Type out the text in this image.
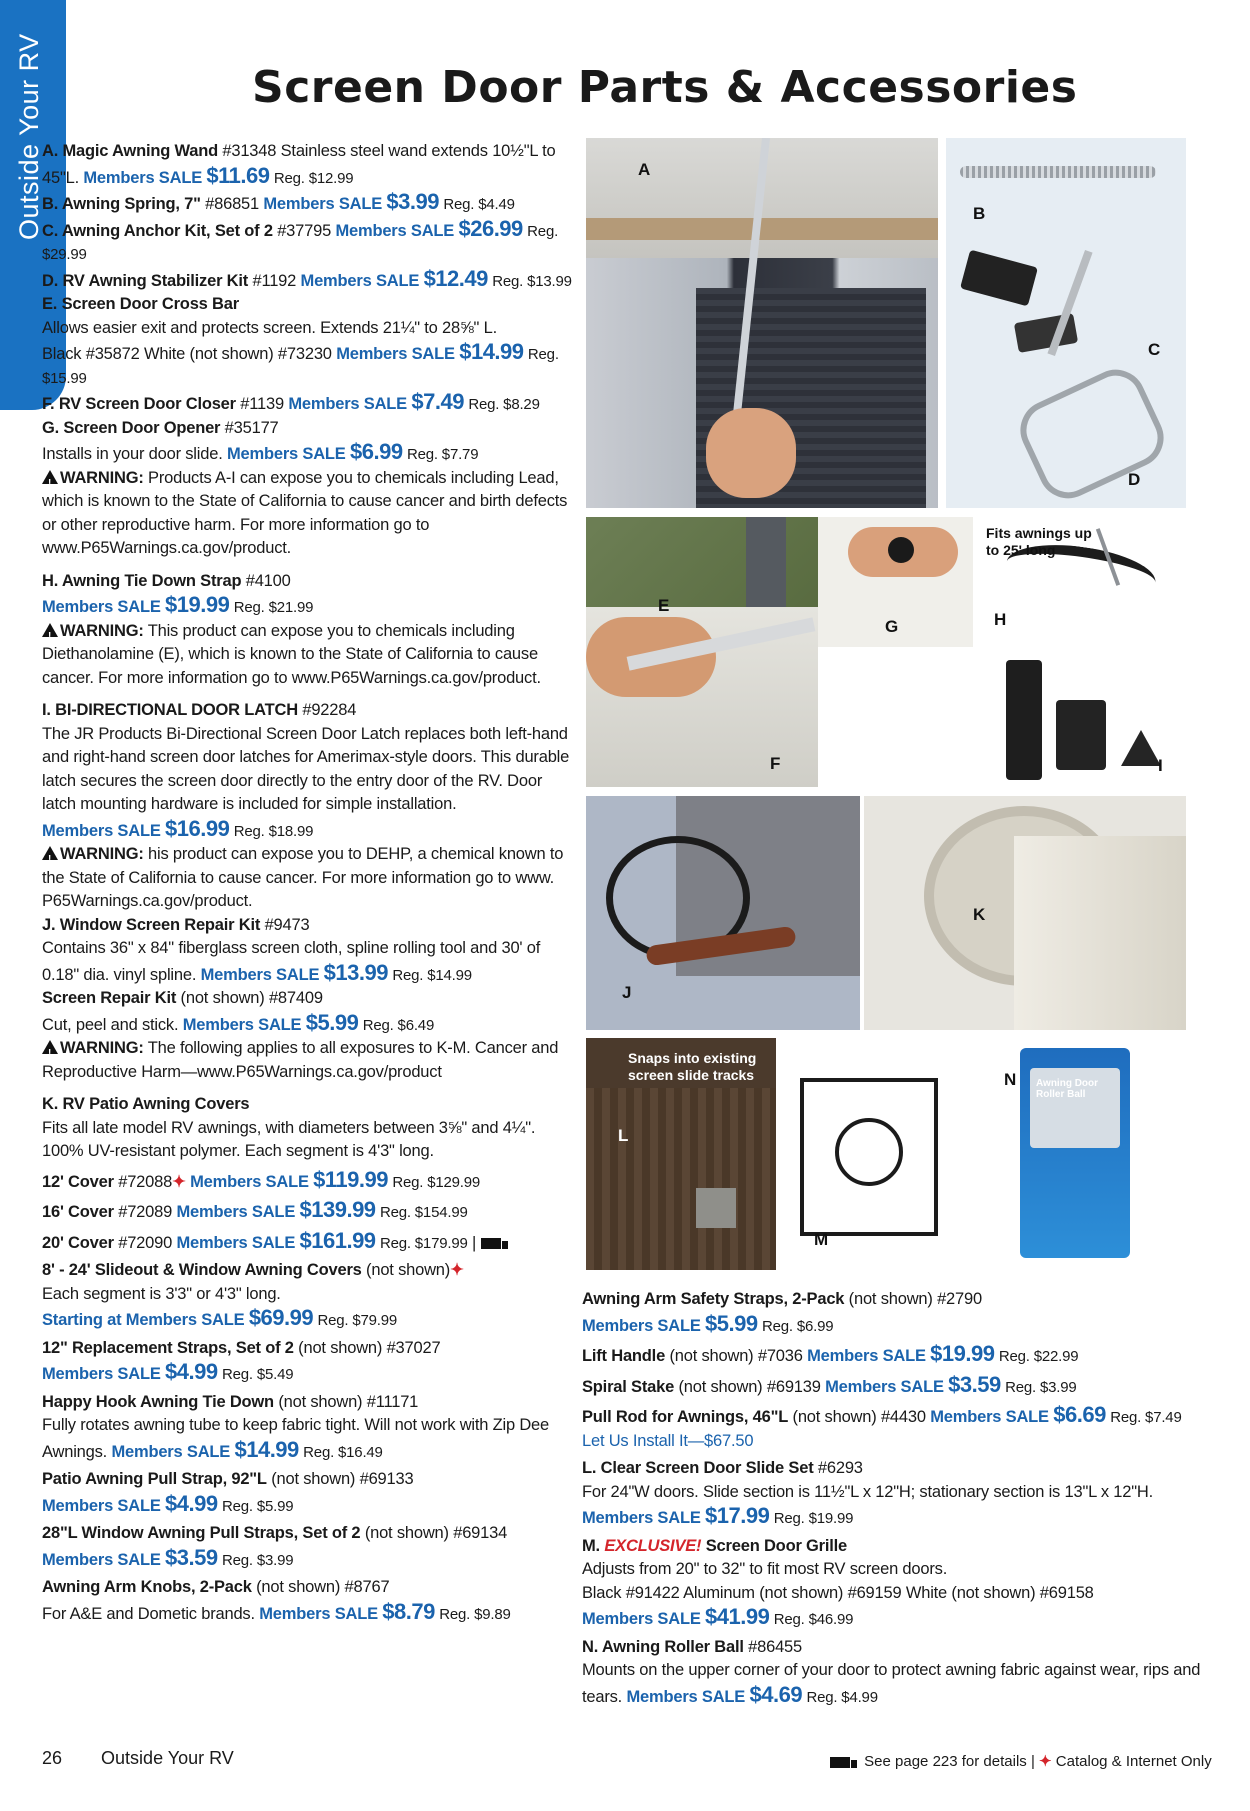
Outside Your RV	Screen Door Parts & Accessories

A. Magic Awning Wand #31348 Stainless steel wand extends 10½"L to 45"L. Members SALE $11.69 Reg. $12.99

B. Awning Spring, 7" #86851 Members SALE $3.99 Reg. $4.49

C. Awning Anchor Kit, Set of 2 #37795 Members SALE $26.99 Reg. $29.99

D. RV Awning Stabilizer Kit #1192 Members SALE $12.49 Reg. $13.99

E. Screen Door Cross Bar
Allows easier exit and protects screen. Extends 21¼" to 28⅝" L.
Black #35872 White (not shown) #73230 Members SALE $14.99 Reg. $15.99

F. RV Screen Door Closer #1139 Members SALE $7.49 Reg. $8.29

G. Screen Door Opener #35177
Installs in your door slide. Members SALE $6.99 Reg. $7.79

!WARNING: Products A-I can expose you to chemicals including Lead, which is known to the State of California to cause cancer and birth defects or other reproductive harm. For more information go to www.P65Warnings.ca.gov/product.

H. Awning Tie Down Strap #4100
Members SALE $19.99 Reg. $21.99

!WARNING: This product can expose you to chemicals including Diethanolamine (E), which is known to the State of California to cause cancer. For more information go to www.P65Warnings.ca.gov/product.

I. BI-DIRECTIONAL DOOR LATCH #92284
The JR Products Bi-Directional Screen Door Latch replaces both left-hand and right-hand screen door latches for Amerimax-style doors. This durable latch secures the screen door directly to the entry door of the RV. Door latch mounting hardware is included for simple installation.
Members SALE $16.99 Reg. $18.99

!WARNING: his product can expose you to DEHP, a chemical known to the State of California to cause cancer. For more information go to www. P65Warnings.ca.gov/product.

J. Window Screen Repair Kit #9473
Contains 36" x 84" fiberglass screen cloth, spline rolling tool and 30' of 0.18" dia. vinyl spline. Members SALE $13.99 Reg. $14.99

Screen Repair Kit (not shown) #87409
Cut, peel and stick. Members SALE $5.99 Reg. $6.49

!WARNING: The following applies to all exposures to K-M. Cancer and Reproductive Harm—www.P65Warnings.ca.gov/product

K. RV Patio Awning Covers
Fits all late model RV awnings, with diameters between 3⅝" and 4¼". 100% UV-resistant polymer. Each segment is 4'3" long.

12' Cover #72088✦ Members SALE $119.99 Reg. $129.99

16' Cover #72089 Members SALE $139.99 Reg. $154.99

20' Cover #72090 Members SALE $161.99 Reg. $179.99 |

8' - 24' Slideout & Window Awning Covers (not shown)✦
Each segment is 3'3" or 4'3" long.
Starting at Members SALE $69.99 Reg. $79.99

12" Replacement Straps, Set of 2 (not shown) #37027
Members SALE $4.99 Reg. $5.49

Happy Hook Awning Tie Down (not shown) #11171
Fully rotates awning tube to keep fabric tight. Will not work with Zip Dee Awnings. Members SALE $14.99 Reg. $16.49

Patio Awning Pull Strap, 92"L (not shown) #69133
Members SALE $4.99 Reg. $5.99

28"L Window Awning Pull Straps, Set of 2 (not shown) #69134
Members SALE $3.59 Reg. $3.99

Awning Arm Knobs, 2-Pack (not shown) #8767
For A&E and Dometic brands. Members SALE $8.79 Reg. $9.89

A
B
C
D
E
F
G
Fits awnings up to 25' long
H
I
J
K
Snaps into existing screen slide tracks
L
M
Awning Door Roller Ball
AWNING
N

Awning Arm Safety Straps, 2-Pack (not shown) #2790
Members SALE $5.99 Reg. $6.99

Lift Handle (not shown) #7036 Members SALE $19.99 Reg. $22.99

Spiral Stake (not shown) #69139 Members SALE $3.59 Reg. $3.99

Pull Rod for Awnings, 46"L (not shown) #4430 Members SALE $6.69 Reg. $7.49
Let Us Install It—$67.50

L. Clear Screen Door Slide Set #6293
For 24"W doors. Slide section is 11½"L x 12"H; stationary section is 13"L x 12"H.
Members SALE $17.99 Reg. $19.99

M. EXCLUSIVE! Screen Door Grille
Adjusts from 20" to 32" to fit most RV screen doors.
Black #91422 Aluminum (not shown) #69159 White (not shown) #69158
Members SALE $41.99 Reg. $46.99

N. Awning Roller Ball #86455
Mounts on the upper corner of your door to protect awning fabric against wear, rips and tears. Members SALE $4.69 Reg. $4.99

26 Outside Your RV	See page 223 for details | ✦ Catalog & Internet Only
